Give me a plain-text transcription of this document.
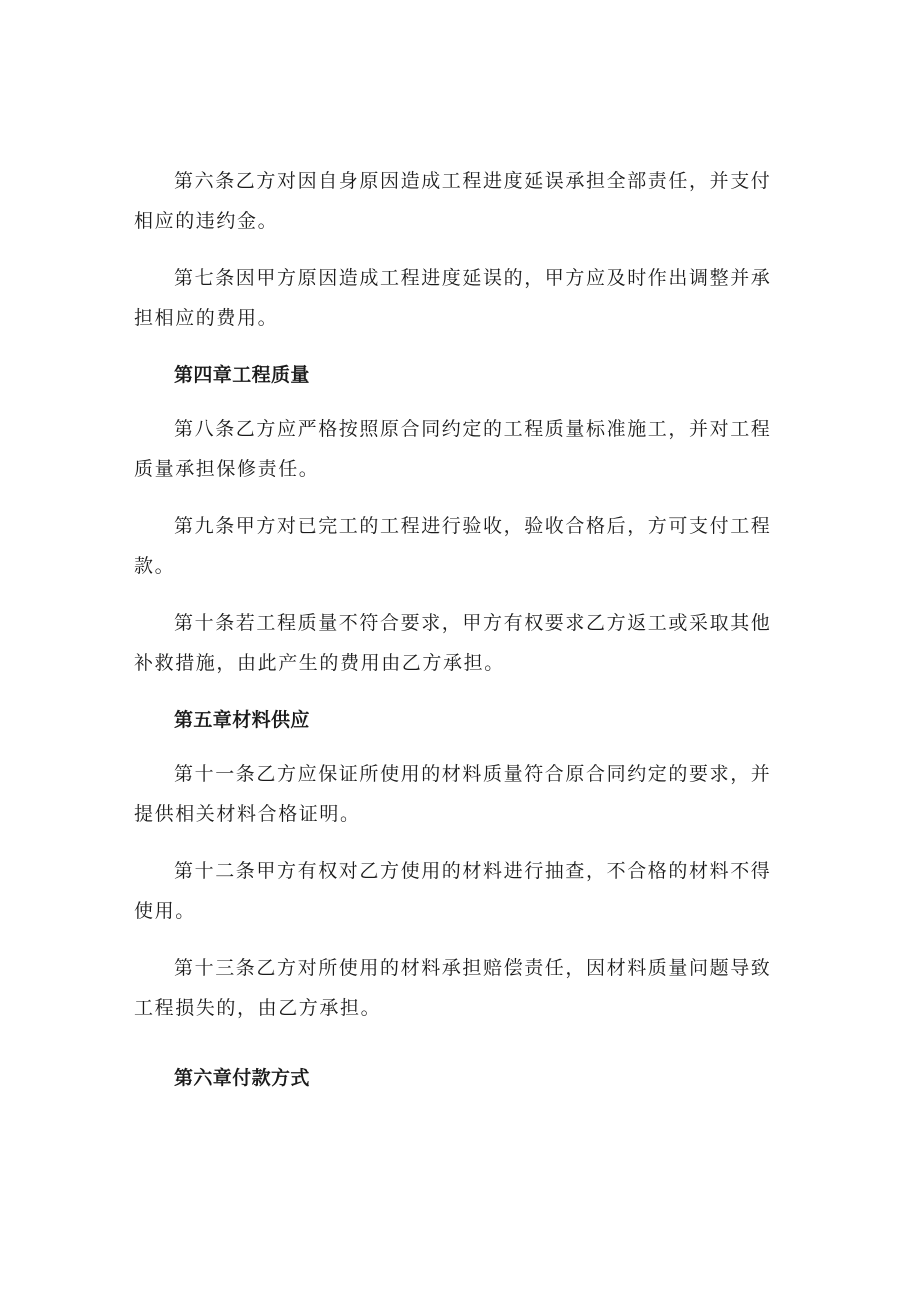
第六条乙方对因自身原因造成工程进度延误承担全部责任，并支付
相应的违约金。
第七条因甲方原因造成工程进度延误的，甲方应及时作出调整并承
担相应的费用。
第四章工程质量
第八条乙方应严格按照原合同约定的工程质量标准施工，并对工程
质量承担保修责任。
第九条甲方对已完工的工程进行验收，验收合格后，方可支付工程
款。
第十条若工程质量不符合要求，甲方有权要求乙方返工或采取其他
补救措施，由此产生的费用由乙方承担。
第五章材料供应
第十一条乙方应保证所使用的材料质量符合原合同约定的要求，并
提供相关材料合格证明。
第十二条甲方有权对乙方使用的材料进行抽查，不合格的材料不得
使用。
第十三条乙方对所使用的材料承担赔偿责任，因材料质量问题导致
工程损失的，由乙方承担。
第六章付款方式
